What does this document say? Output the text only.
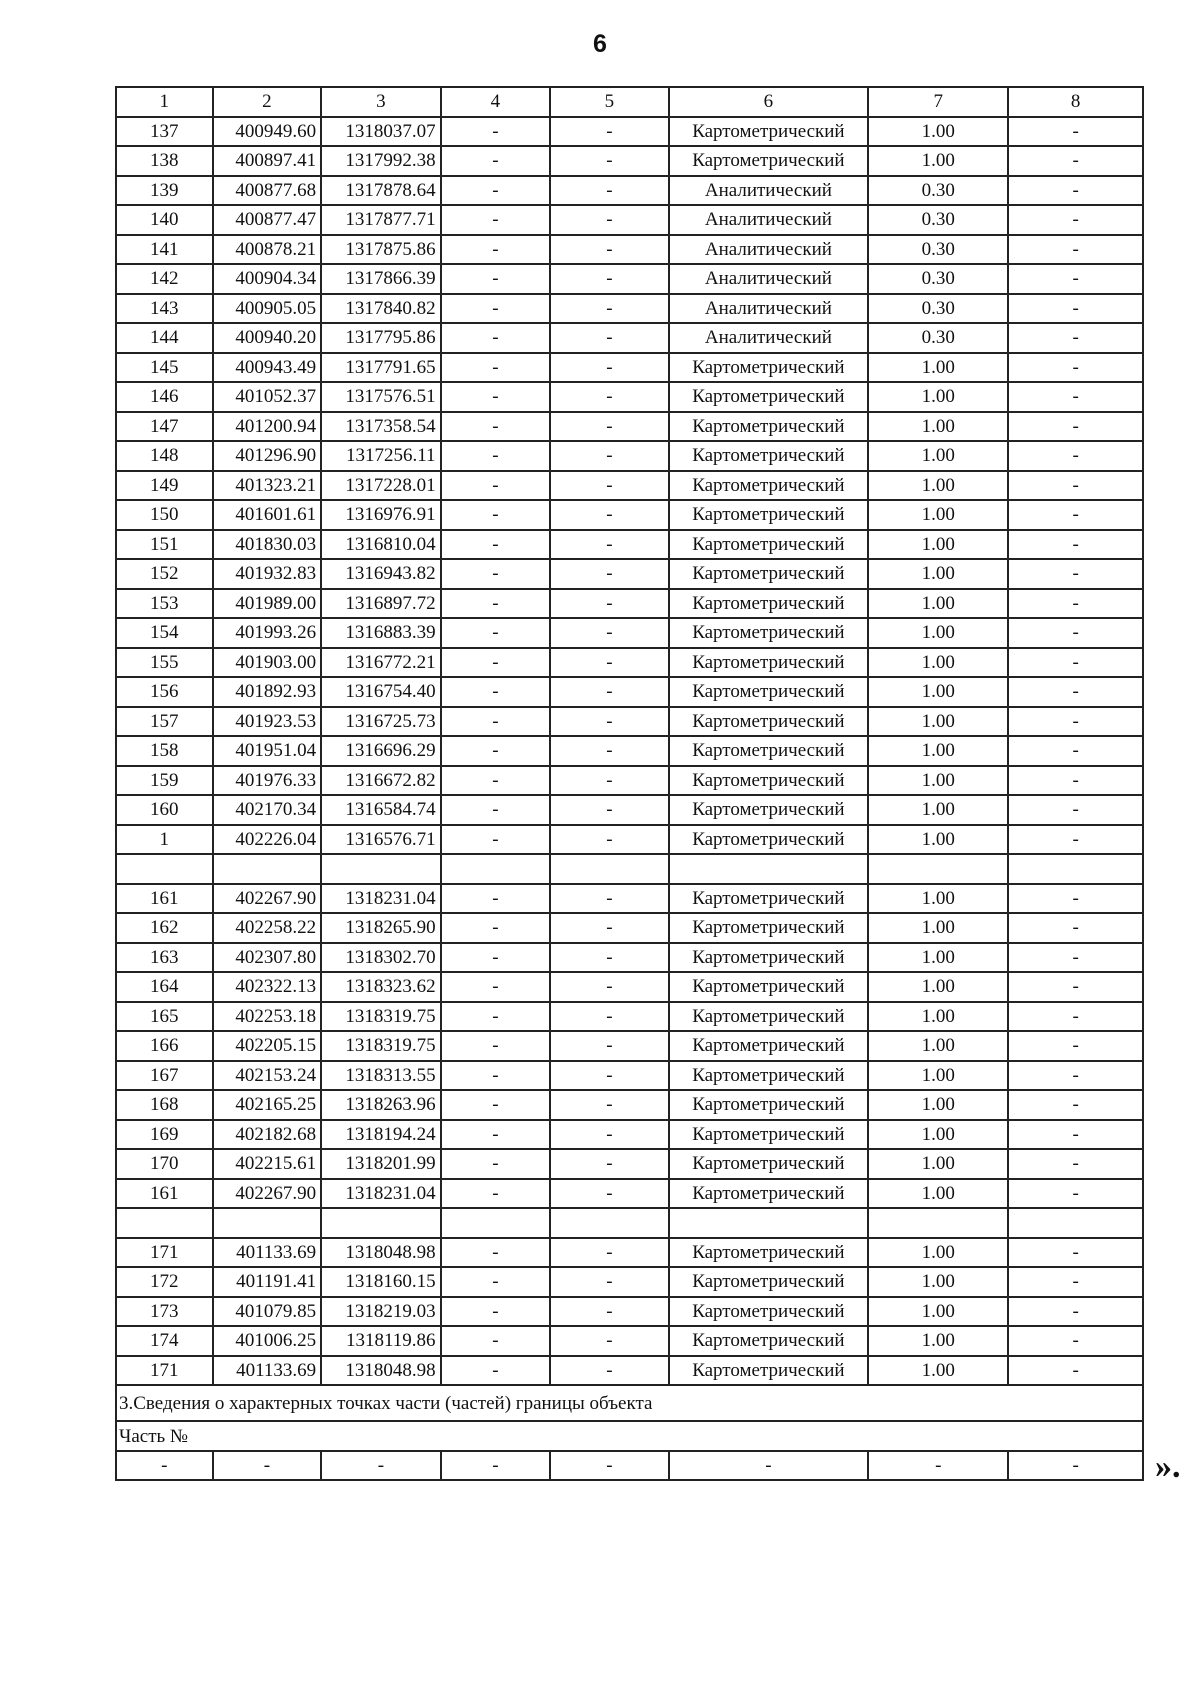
6
1	2	3	4	5	6	7	8
137	400949.60	1318037.07	-	-	Картометрический	1.00	-
138	400897.41	1317992.38	-	-	Картометрический	1.00	-
139	400877.68	1317878.64	-	-	Аналитический	0.30	-
140	400877.47	1317877.71	-	-	Аналитический	0.30	-
141	400878.21	1317875.86	-	-	Аналитический	0.30	-
142	400904.34	1317866.39	-	-	Аналитический	0.30	-
143	400905.05	1317840.82	-	-	Аналитический	0.30	-
144	400940.20	1317795.86	-	-	Аналитический	0.30	-
145	400943.49	1317791.65	-	-	Картометрический	1.00	-
146	401052.37	1317576.51	-	-	Картометрический	1.00	-
147	401200.94	1317358.54	-	-	Картометрический	1.00	-
148	401296.90	1317256.11	-	-	Картометрический	1.00	-
149	401323.21	1317228.01	-	-	Картометрический	1.00	-
150	401601.61	1316976.91	-	-	Картометрический	1.00	-
151	401830.03	1316810.04	-	-	Картометрический	1.00	-
152	401932.83	1316943.82	-	-	Картометрический	1.00	-
153	401989.00	1316897.72	-	-	Картометрический	1.00	-
154	401993.26	1316883.39	-	-	Картометрический	1.00	-
155	401903.00	1316772.21	-	-	Картометрический	1.00	-
156	401892.93	1316754.40	-	-	Картометрический	1.00	-
157	401923.53	1316725.73	-	-	Картометрический	1.00	-
158	401951.04	1316696.29	-	-	Картометрический	1.00	-
159	401976.33	1316672.82	-	-	Картометрический	1.00	-
160	402170.34	1316584.74	-	-	Картометрический	1.00	-
1	402226.04	1316576.71	-	-	Картометрический	1.00	-

161	402267.90	1318231.04	-	-	Картометрический	1.00	-
162	402258.22	1318265.90	-	-	Картометрический	1.00	-
163	402307.80	1318302.70	-	-	Картометрический	1.00	-
164	402322.13	1318323.62	-	-	Картометрический	1.00	-
165	402253.18	1318319.75	-	-	Картометрический	1.00	-
166	402205.15	1318319.75	-	-	Картометрический	1.00	-
167	402153.24	1318313.55	-	-	Картометрический	1.00	-
168	402165.25	1318263.96	-	-	Картометрический	1.00	-
169	402182.68	1318194.24	-	-	Картометрический	1.00	-
170	402215.61	1318201.99	-	-	Картометрический	1.00	-
161	402267.90	1318231.04	-	-	Картометрический	1.00	-

171	401133.69	1318048.98	-	-	Картометрический	1.00	-
172	401191.41	1318160.15	-	-	Картометрический	1.00	-
173	401079.85	1318219.03	-	-	Картометрический	1.00	-
174	401006.25	1318119.86	-	-	Картометрический	1.00	-
171	401133.69	1318048.98	-	-	Картометрический	1.00	-
3.Сведения о характерных точках части (частей) границы объекта							
Часть №							
-	-	-	-	-	-	-	- ».
